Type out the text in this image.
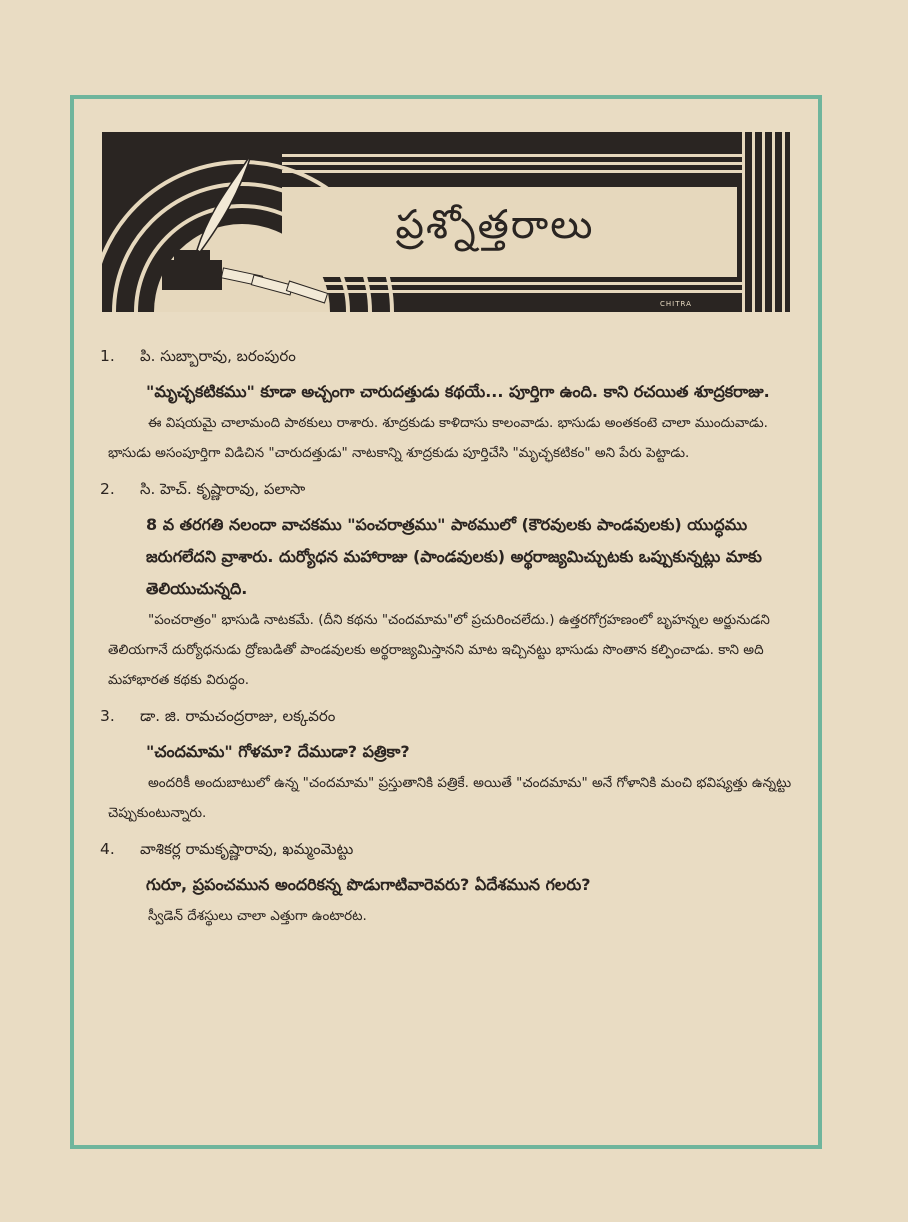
ప్రశ్నోత్తరాలు
CHITRA
1.	పి. సుబ్బారావు, బరంపురం
"మృచ్ఛకటికము" కూడా అచ్చంగా చారుదత్తుడు కథయే... పూర్తిగా ఉంది. కాని రచయిత శూద్రకరాజు.
ఈ విషయమై చాలామంది పాఠకులు రాశారు. శూద్రకుడు కాళిదాసు కాలంవాడు. భాసుడు అంతకంటె చాలా ముందువాడు. భాసుడు అసంపూర్తిగా విడిచిన "చారుదత్తుడు" నాటకాన్ని శూద్రకుడు పూర్తిచేసి "మృచ్ఛకటికం" అని పేరు పెట్టాడు.
2.	సి. హెచ్. కృష్ణారావు, పలాసా
8 వ తరగతి నలందా వాచకము "పంచరాత్రము" పాఠములో (కౌరవులకు పాండవులకు) యుద్ధము జరుగలేదని వ్రాశారు. దుర్యోధన మహారాజు (పాండవులకు) అర్థరాజ్యమిచ్చుటకు ఒప్పుకున్నట్లు మాకు తెలియుచున్నది.
"పంచరాత్రం" భాసుడి నాటకమే. (దీని కథను "చందమామ"లో ప్రచురించలేదు.) ఉత్తరగోగ్రహణంలో బృహన్నల అర్జునుడని తెలియగానే దుర్యోధనుడు ద్రోణుడితో పాండవులకు అర్థరాజ్యమిస్తానని మాట ఇచ్చినట్టు భాసుడు సొంతాన కల్పించాడు. కాని అది మహాభారత కథకు విరుద్ధం.
3.	డా. జి. రామచంద్రరాజు, లక్కవరం
"చందమామ" గోళమా? దేముడా? పత్రికా?
అందరికీ అందుబాటులో ఉన్న "చందమామ" ప్రస్తుతానికి పత్రికే. అయితే "చందమామ" అనే గోళానికి మంచి భవిష్యత్తు ఉన్నట్టు చెప్పుకుంటున్నారు.
4.	వాశికర్ల రామకృష్ణారావు, ఖమ్మంమెట్టు
గురూ, ప్రపంచమున అందరికన్న పొడుగాటివారెవరు? ఏదేశమున గలరు?
స్వీడెన్ దేశస్థులు చాలా ఎత్తుగా ఉంటారట.
